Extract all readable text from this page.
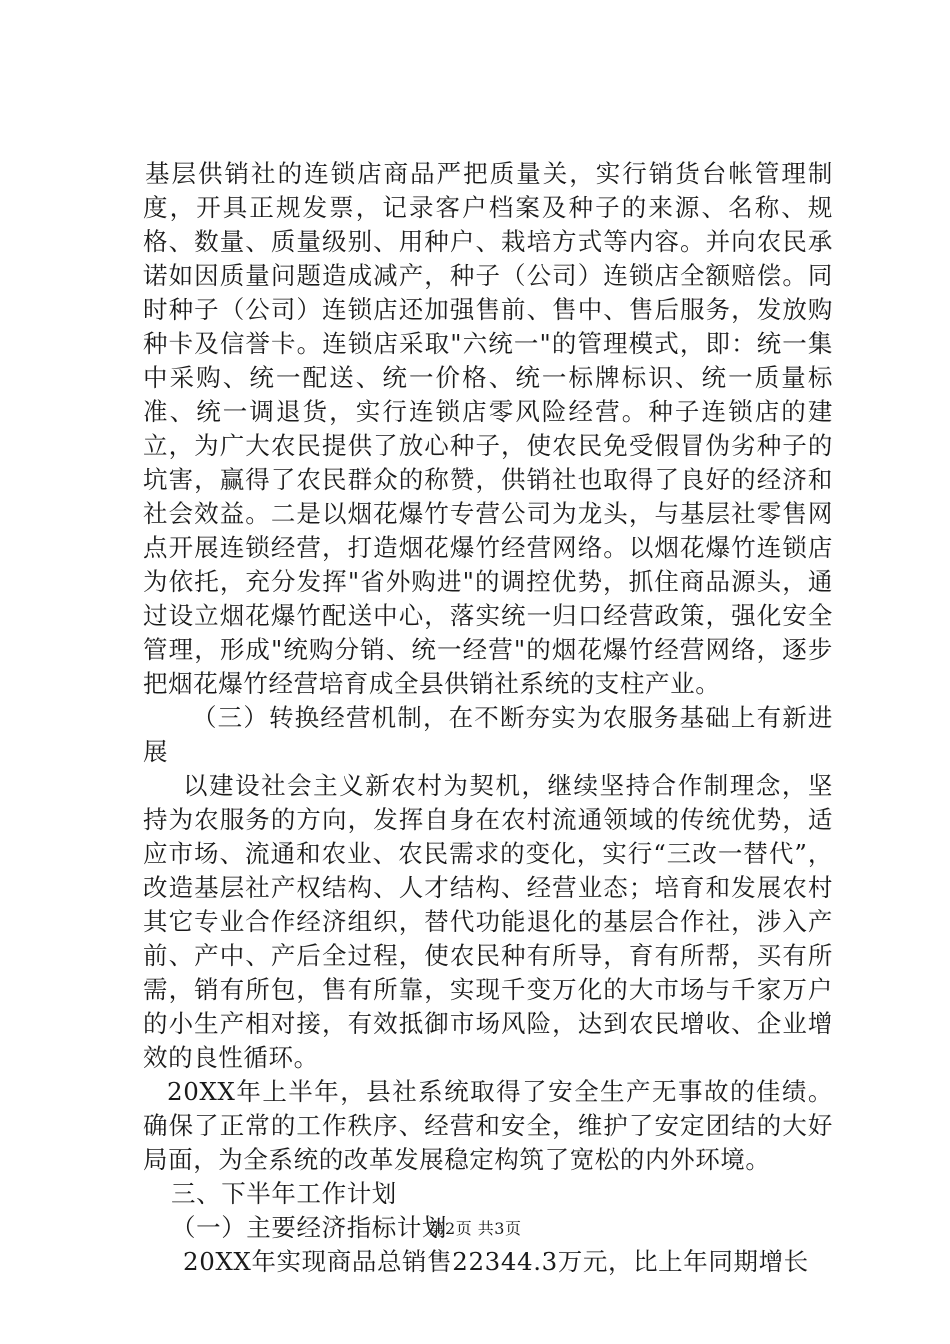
基层供销社的连锁店商品严把质量关，实行销货台帐管理制度，开具正规发票，记录客户档案及种子的来源、名称、规格、数量、质量级别、用种户、栽培方式等内容。并向农民承诺如因质量问题造成减产，种子（公司）连锁店全额赔偿。同时种子（公司）连锁店还加强售前、售中、售后服务，发放购种卡及信誉卡。连锁店采取"六统一"的管理模式，即：统一集中采购、统一配送、统一价格、统一标牌标识、统一质量标准、统一调退货，实行连锁店零风险经营。种子连锁店的建立，为广大农民提供了放心种子，使农民免受假冒伪劣种子的坑害，赢得了农民群众的称赞，供销社也取得了良好的经济和社会效益。二是以烟花爆竹专营公司为龙头，与基层社零售网点开展连锁经营，打造烟花爆竹经营网络。以烟花爆竹连锁店为依托，充分发挥"省外购进"的调控优势，抓住商品源头，通过设立烟花爆竹配送中心，落实统一归口经营政策，强化安全管理，形成"统购分销、统一经营"的烟花爆竹经营网络，逐步把烟花爆竹经营培育成全县供销社系统的支柱产业。

（三）转换经营机制，在不断夯实为农服务基础上有新进展

以建设社会主义新农村为契机，继续坚持合作制理念，坚持为农服务的方向，发挥自身在农村流通领域的传统优势，适应市场、流通和农业、农民需求的变化，实行“三改一替代”，改造基层社产权结构、人才结构、经营业态；培育和发展农村其它专业合作经济组织，替代功能退化的基层合作社，涉入产前、产中、产后全过程，使农民种有所导，育有所帮，买有所需，销有所包，售有所靠，实现千变万化的大市场与千家万户的小生产相对接，有效抵御市场风险，达到农民增收、企业增效的良性循环。

20XX年上半年，县社系统取得了安全生产无事故的佳绩。确保了正常的工作秩序、经营和安全，维护了安定团结的大好局面，为全系统的改革发展稳定构筑了宽松的内外环境。

三、下半年工作计划

（一）主要经济指标计划

20XX年实现商品总销售22344.3万元，比上年同期增长

第2页 共3页
